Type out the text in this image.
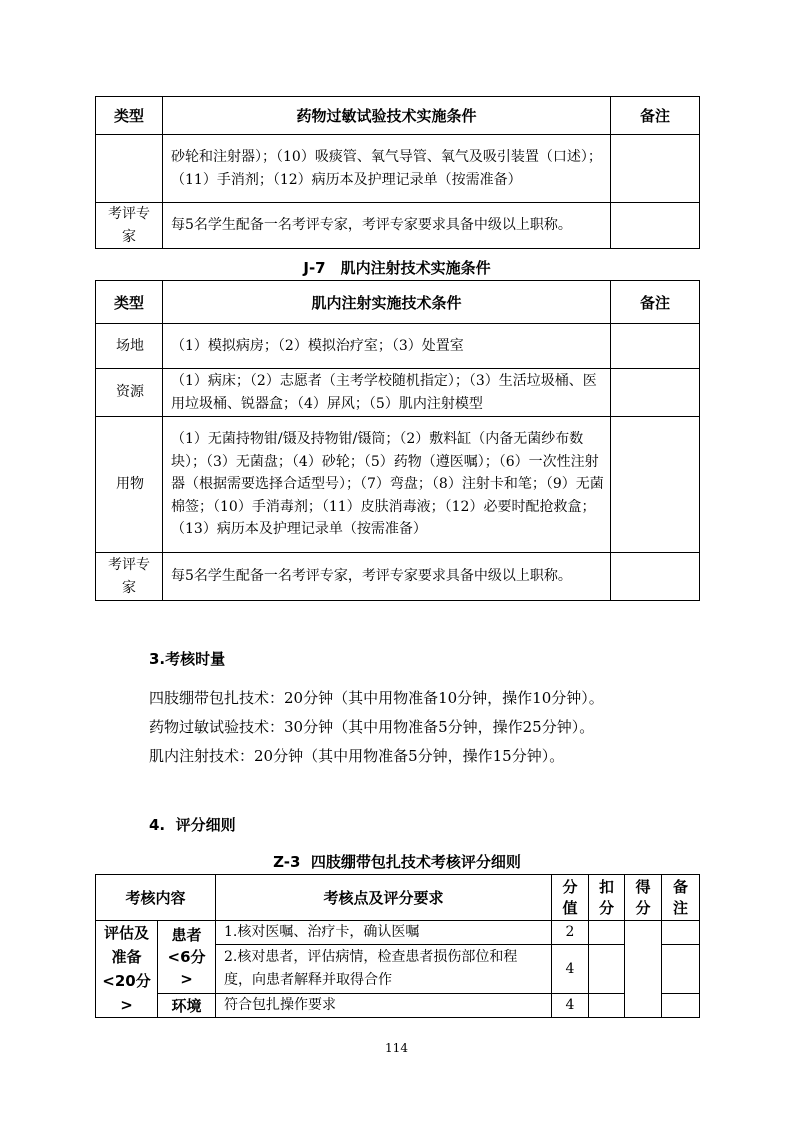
类型	药物过敏试验技术实施条件	备注
	砂轮和注射器）；（10）吸痰管、氧气导管、氧气及吸引装置（口述）；（11）手消剂；（12）病历本及护理记录单（按需准备）	
考评专家	每5名学生配备一名考评专家，考评专家要求具备中级以上职称。	
J-7　肌内注射技术实施条件
类型	肌内注射实施技术条件	备注
场地	（1）模拟病房；（2）模拟治疗室；（3）处置室	
资源	（1）病床；（2）志愿者（主考学校随机指定）；（3）生活垃圾桶、医用垃圾桶、锐器盒；（4）屏风；（5）肌内注射模型	
用物	（1）无菌持物钳/镊及持物钳/镊筒；（2）敷料缸（内备无菌纱布数块）；（3）无菌盘；（4）砂轮；（5）药物（遵医嘱）；（6）一次性注射器（根据需要选择合适型号）；（7）弯盘；（8）注射卡和笔；（9）无菌棉签；（10）手消毒剂；（11）皮肤消毒液；（12）必要时配抢救盒；（13）病历本及护理记录单（按需准备）	
考评专家	每5名学生配备一名考评专家，考评专家要求具备中级以上职称。	
3.考核时量
四肢绷带包扎技术：20分钟（其中用物准备10分钟，操作10分钟）。
药物过敏试验技术：30分钟（其中用物准备5分钟，操作25分钟）。
肌内注射技术：20分钟（其中用物准备5分钟，操作15分钟）。
4.  评分细则
Z-3  四肢绷带包扎技术考核评分细则
考核内容		考核点及评分要求	分值	扣分	得分	备注
评估及准备<20分>	患者<6分>	1.核对医嘱、治疗卡，确认医嘱	2			
		2.核对患者，评估病情，检查患者损伤部位和程度，向患者解释并取得合作	4			
	环境	符合包扎操作要求	4			
114
